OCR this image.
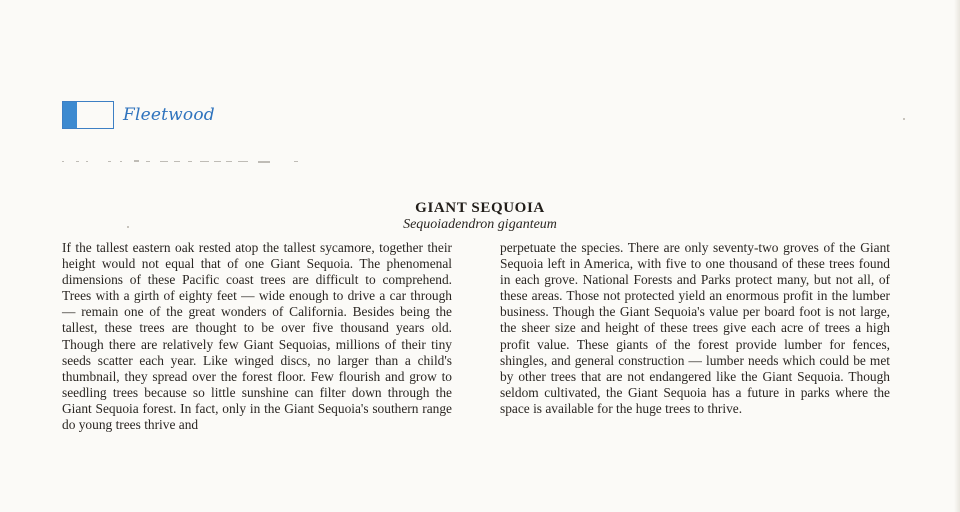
Fleetwood
GIANT SEQUOIA
Sequoiadendron giganteum
If the tallest eastern oak rested atop the tallest sycamore, together their height would not equal that of one Giant Sequoia. The phenomenal dimensions of these Pacific coast trees are difficult to comprehend. Trees with a girth of eighty feet — wide enough to drive a car through — remain one of the great wonders of California. Besides being the tallest, these trees are thought to be over five thousand years old. Though there are relatively few Giant Sequoias, millions of their tiny seeds scatter each year. Like winged discs, no larger than a child's thumbnail, they spread over the forest floor. Few flourish and grow to seedling trees because so little sunshine can filter down through the Giant Sequoia forest. In fact, only in the Giant Sequoia's southern range do young trees thrive and
perpetuate the species. There are only seventy-two groves of the Giant Sequoia left in America, with five to one thousand of these trees found in each grove. National Forests and Parks protect many, but not all, of these areas. Those not protected yield an enormous profit in the lumber business. Though the Giant Sequoia's value per board foot is not large, the sheer size and height of these trees give each acre of trees a high profit value. These giants of the forest provide lumber for fences, shingles, and general construction — lumber needs which could be met by other trees that are not endangered like the Giant Sequoia. Though seldom cultivated, the Giant Sequoia has a future in parks where the space is available for the huge trees to thrive.
